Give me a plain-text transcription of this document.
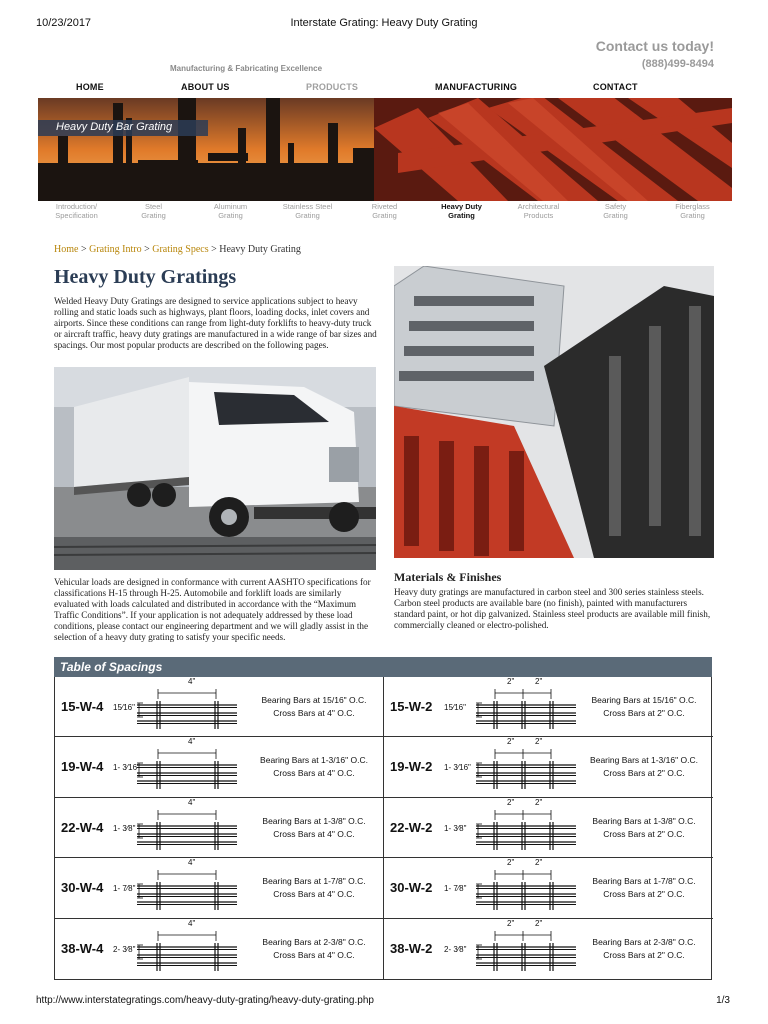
10/23/2017	Interstate Grating: Heavy Duty Grating
Contact us today!
(888)499-8494
Manufacturing & Fabricating Excellence
HOME	ABOUT US	PRODUCTS	MANUFACTURING	CONTACT
Heavy Duty Bar Grating
Introduction/
Specification
Steel
Grating
Aluminum
Grating
Stainless Steel
Grating
Riveted
Grating
Heavy Duty
Grating
Architectural
Products
Safety
Grating
Fiberglass
Grating
Home > Grating Intro > Grating Specs > Heavy Duty Grating
Heavy Duty Gratings
Welded Heavy Duty Gratings are designed to service applications subject to heavy rolling and static loads such as highways, plant floors, loading docks, inlet covers and airports. Since these conditions can range from light-duty forklifts to heavy-duty truck or aircraft traffic, heavy duty gratings are manufactured in a wide range of bar sizes and spacings. Our most popular products are described on the following pages.
Vehicular loads are designed in conformance with current AASHTO specifications for classifications H-15 through H-25. Automobile and forklift loads are similarly evaluated with loads calculated and distributed in accordance with the “Maximum Traffic Conditions”. If your application is not adequately addressed by these load conditions, please contact our engineering department and we will gladly assist in the selection of a heavy duty grating to satisfy your specific needs.
Materials & Finishes
Heavy duty gratings are manufactured in carbon steel and 300 series stainless steels. Carbon steel products are available bare (no finish), painted with manufacturers standard paint, or hot dip galvanized. Stainless steel products are available mill finish, commercially cleaned or electro-polished.
Table of Spacings
15-W-4 15⁄16"
4"
Bearing Bars at 15/16" O.C.
Cross Bars at 4" O.C.	15-W-2 15⁄16"
2"	2"
Bearing Bars at 15/16" O.C.
Cross Bars at 2" O.C.
19-W-4 1- 3⁄16"
4"
Bearing Bars at 1-3/16" O.C.
Cross Bars at 4" O.C.	19-W-2 1- 3⁄16"
2"	2"
Bearing Bars at 1-3/16" O.C.
Cross Bars at 2" O.C.
22-W-4 1- 3⁄8"
4"
Bearing Bars at 1-3/8" O.C.
Cross Bars at 4" O.C.	22-W-2 1- 3⁄8"
2"	2"
Bearing Bars at 1-3/8" O.C.
Cross Bars at 2" O.C.
30-W-4 1- 7⁄8"
4"
Bearing Bars at 1-7/8" O.C.
Cross Bars at 4" O.C.	30-W-2 1- 7⁄8"
2"	2"
Bearing Bars at 1-7/8" O.C.
Cross Bars at 2" O.C.
38-W-4 2- 3⁄8"
4"
Bearing Bars at 2-3/8" O.C.
Cross Bars at 4" O.C.	38-W-2 2- 3⁄8"
2"	2"
Bearing Bars at 2-3/8" O.C.
Cross Bars at 2" O.C.
http://www.interstategratings.com/heavy-duty-grating/heavy-duty-grating.php	1/3
